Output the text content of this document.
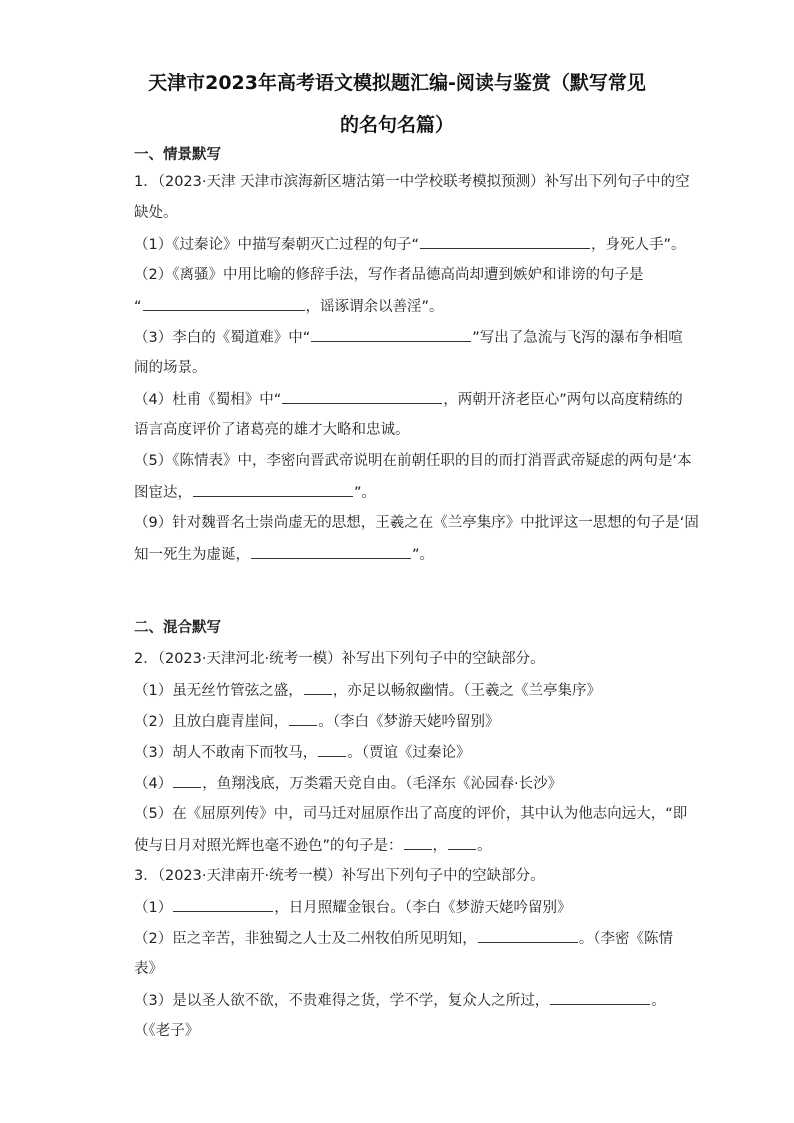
天津市2023年高考语文模拟题汇编-阅读与鉴赏（默写常见
的名句名篇）
一、情景默写
1．（2023·天津 天津市滨海新区塘沽第一中学校联考模拟预测）补写出下列句子中的空
缺处。
（1）《过秦论》中描写秦朝灭亡过程的句子“	，身死人手”。
（2）《离骚》中用比喻的修辞手法，写作者品德高尚却遭到嫉妒和诽谤的句子是
“	，谣诼谓余以善淫”。
（3）李白的《蜀道难》中“	”写出了急流与飞泻的瀑布争相喧
闹的场景。
（4）杜甫《蜀相》中“	，两朝开济老臣心”两句以高度精练的
语言高度评价了诸葛亮的雄才大略和忠诚。
（5）《陈情表》中，李密向晋武帝说明在前朝任职的目的而打消晋武帝疑虑的两句是‘本
图宦达，	”。
（9）针对魏晋名士崇尚虚无的思想，王羲之在《兰亭集序》中批评这一思想的句子是‘固
知一死生为虚诞，	”。
二、混合默写
2．（2023·天津河北·统考一模）补写出下列句子中的空缺部分。
（1）虽无丝竹管弦之盛， ，亦足以畅叙幽情。（王羲之《兰亭集序》
（2）且放白鹿青崖间， 。（李白《梦游天姥吟留别》
（3）胡人不敢南下而牧马， 。（贾谊《过秦论》
（4） ，鱼翔浅底，万类霜天竞自由。（毛泽东《沁园春·长沙》
（5）在《屈原列传》中，司马迁对屈原作出了高度的评价，其中认为他志向远大，“即
使与日月对照光辉也毫不逊色”的句子是： ， 。
3．（2023·天津南开·统考一模）补写出下列句子中的空缺部分。
（1）	，日月照耀金银台。（李白《梦游天姥吟留别》
（2）臣之辛苦，非独蜀之人士及二州牧伯所见明知，	。（李密《陈情
表》
（3）是以圣人欲不欲，不贵难得之货，学不学，复众人之所过，	。
（《老子》
